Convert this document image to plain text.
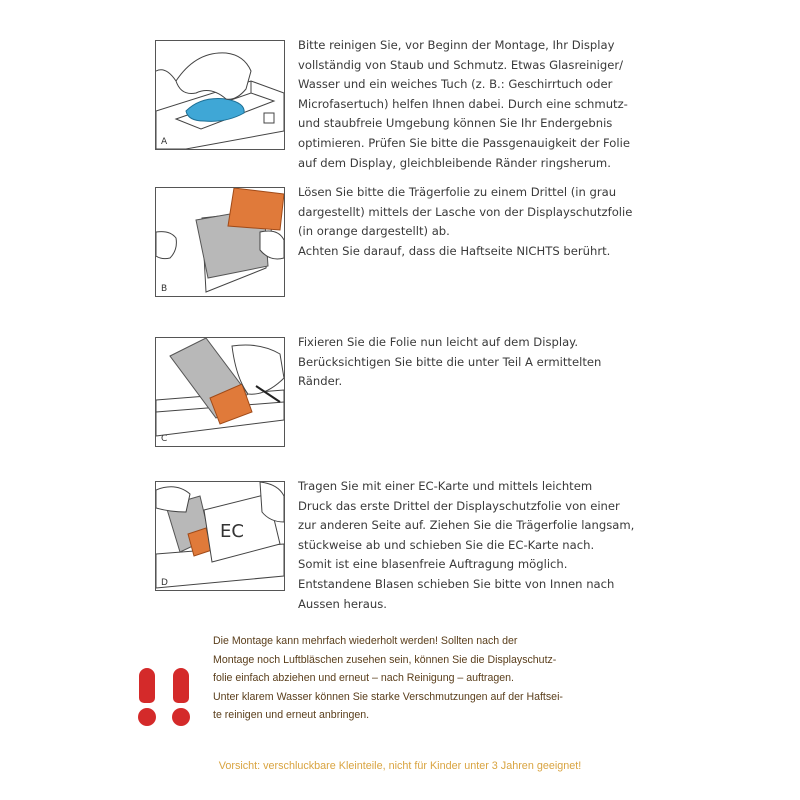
A
Bitte reinigen Sie, vor Beginn der Montage, Ihr Display
vollständig von Staub und Schmutz. Etwas Glasreiniger/
Wasser und ein weiches Tuch (z. B.: Geschirrtuch oder
Microfasertuch) helfen Ihnen dabei. Durch eine schmutz-
und staubfreie Umgebung können Sie Ihr Endergebnis
optimieren. Prüfen Sie bitte die Passgenauigkeit der Folie
auf dem Display, gleichbleibende Ränder ringsherum.
B
Lösen Sie bitte die Trägerfolie zu einem Drittel (in grau
dargestellt) mittels der Lasche von der Displayschutzfolie
(in orange dargestellt) ab.
Achten Sie darauf, dass die Haftseite NICHTS berührt.
C
Fixieren Sie die Folie nun leicht auf dem Display.
Berücksichtigen Sie bitte die unter Teil A ermittelten
Ränder.
EC
D
Tragen Sie mit einer EC-Karte und mittels leichtem
Druck das erste Drittel der Displayschutzfolie von einer
zur anderen Seite auf. Ziehen Sie die Trägerfolie langsam,
stückweise ab und schieben Sie die EC-Karte nach.
Somit ist eine blasenfreie Auftragung möglich.
Entstandene Blasen schieben Sie bitte von Innen nach
Aussen heraus.
Die Montage kann mehrfach wiederholt werden! Sollten nach der
Montage noch Luftbläschen zusehen sein, können Sie die Displayschutz-
folie einfach abziehen und erneut – nach Reinigung – auftragen.
Unter klarem Wasser können Sie starke Verschmutzungen auf der Haftsei-
te reinigen und erneut anbringen.
Vorsicht: verschluckbare Kleinteile, nicht für Kinder unter 3 Jahren geeignet!
